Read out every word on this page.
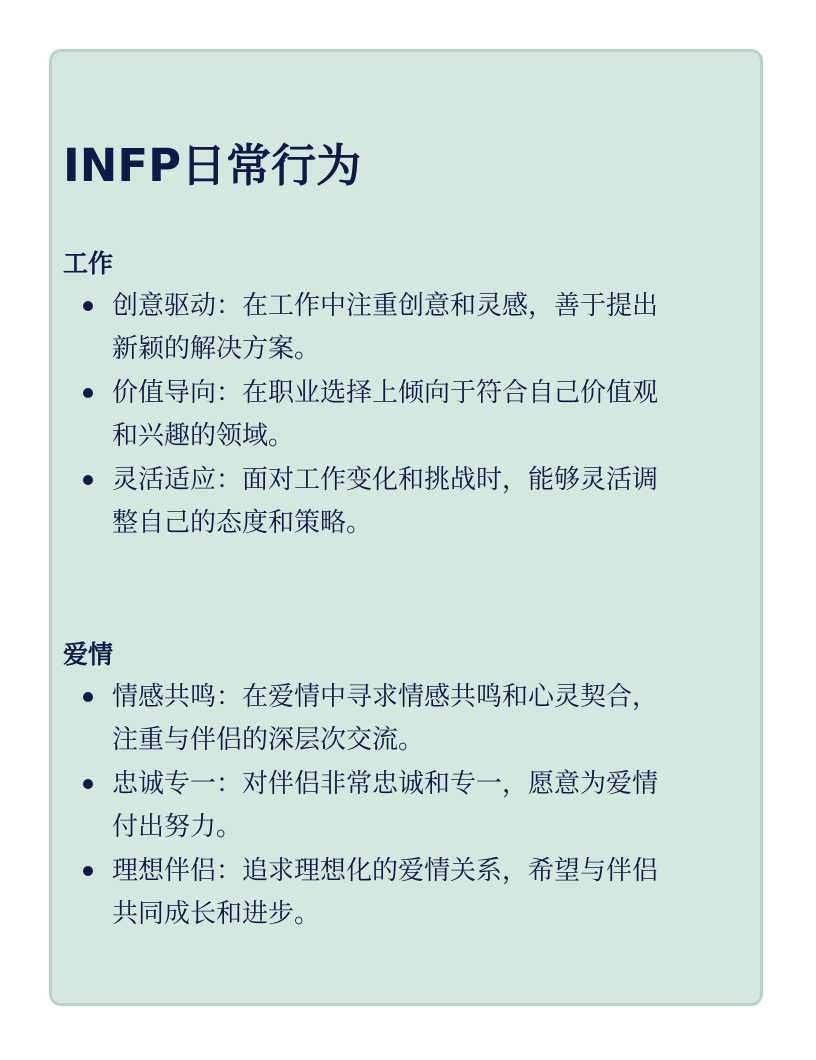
INFP日常行为
工作
创意驱动：在工作中注重创意和灵感，善于提出
新颖的解决方案。
价值导向：在职业选择上倾向于符合自己价值观
和兴趣的领域。
灵活适应：面对工作变化和挑战时，能够灵活调
整自己的态度和策略。
爱情
情感共鸣：在爱情中寻求情感共鸣和心灵契合，
注重与伴侣的深层次交流。
忠诚专一：对伴侣非常忠诚和专一，愿意为爱情
付出努力。
理想伴侣：追求理想化的爱情关系，希望与伴侣
共同成长和进步。
